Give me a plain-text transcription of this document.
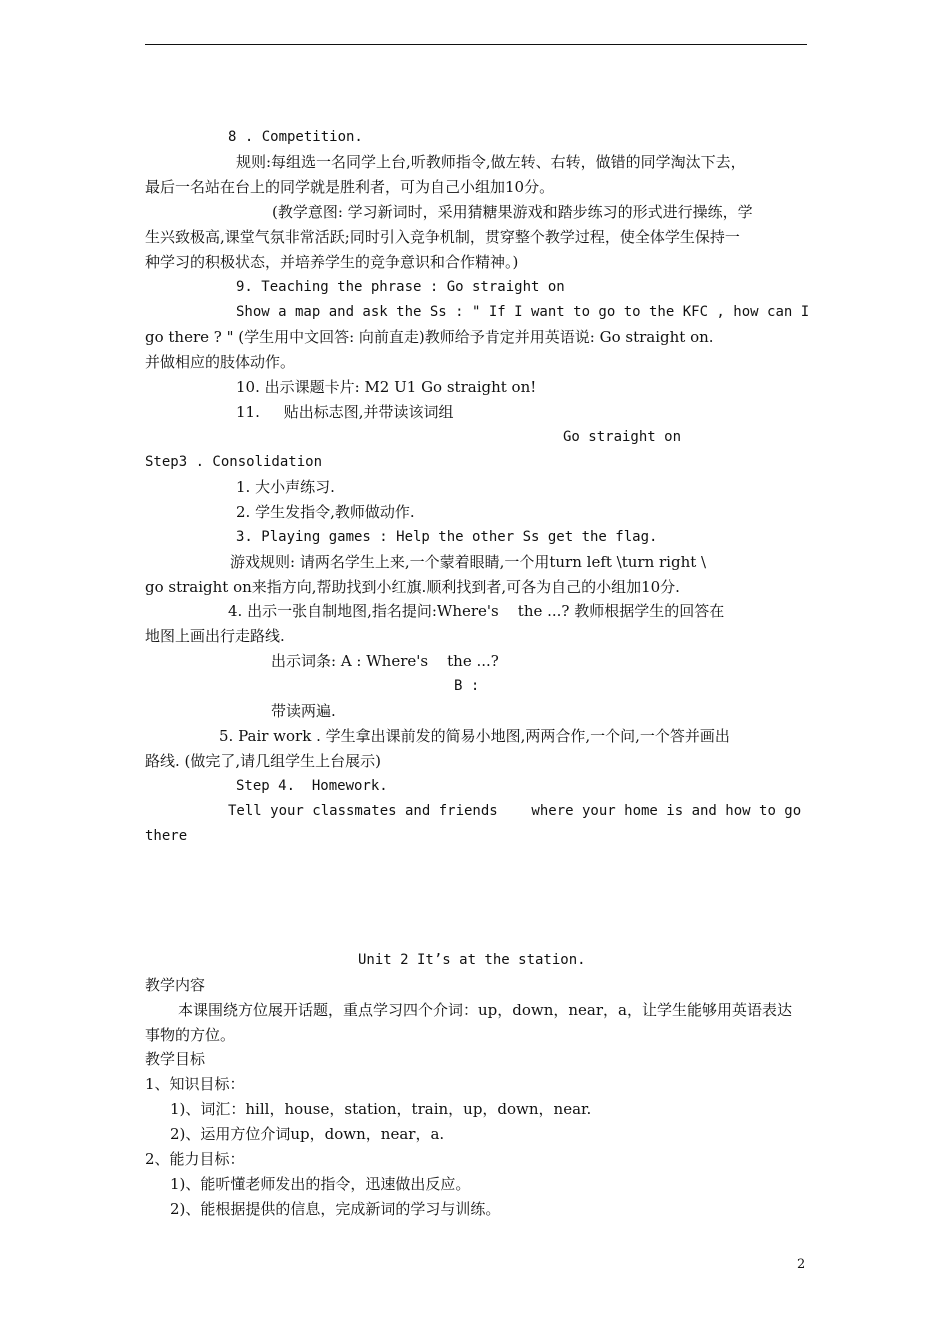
8 . Competition.
规则:每组选一名同学上台,听教师指令,做左转、右转，做错的同学淘汰下去，
最后一名站在台上的同学就是胜利者，可为自己小组加10分。
(教学意图: 学习新词时，采用猜糖果游戏和踏步练习的形式进行操练，学
生兴致极高,课堂气氛非常活跃;同时引入竞争机制，贯穿整个教学过程，使全体学生保持一
种学习的积极状态，并培养学生的竞争意识和合作精神。)
9. Teaching the phrase : Go straight on
Show a map and ask the Ss : " If I want to go to the KFC , how can I
go there ? " (学生用中文回答: 向前直走)教师给予肯定并用英语说: Go straight on.
并做相应的肢体动作。
10. 出示课题卡片: M2 U1 Go straight on!
11.     贴出标志图,并带读该词组
Go straight on
Step3 . Consolidation
1. 大小声练习.
2. 学生发指令,教师做动作.
3. Playing games : Help the other Ss get the flag.
游戏规则: 请两名学生上来,一个蒙着眼睛,一个用turn left \turn right \
go straight on来指方向,帮助找到小红旗.顺利找到者,可各为自己的小组加10分.
4. 出示一张自制地图,指名提问:Where's    the ...? 教师根据学生的回答在
地图上画出行走路线.
出示词条: A : Where's    the ...?
B :
带读两遍.
5. Pair work . 学生拿出课前发的简易小地图,两两合作,一个问,一个答并画出
路线. (做完了,请几组学生上台展示)
Step 4.  Homework.
Tell your classmates and friends    where your home is and how to go
there
Unit 2 It’s at the station.
教学内容
本课围绕方位展开话题，重点学习四个介词：up，down，near，a，让学生能够用英语表达
事物的方位。
教学目标
1、知识目标：
1)、词汇：hill，house，station，train，up，down，near.
2)、运用方位介词up，down，near，a.
2、能力目标：
1)、能听懂老师发出的指令，迅速做出反应。
2)、能根据提供的信息，完成新词的学习与训练。
2
